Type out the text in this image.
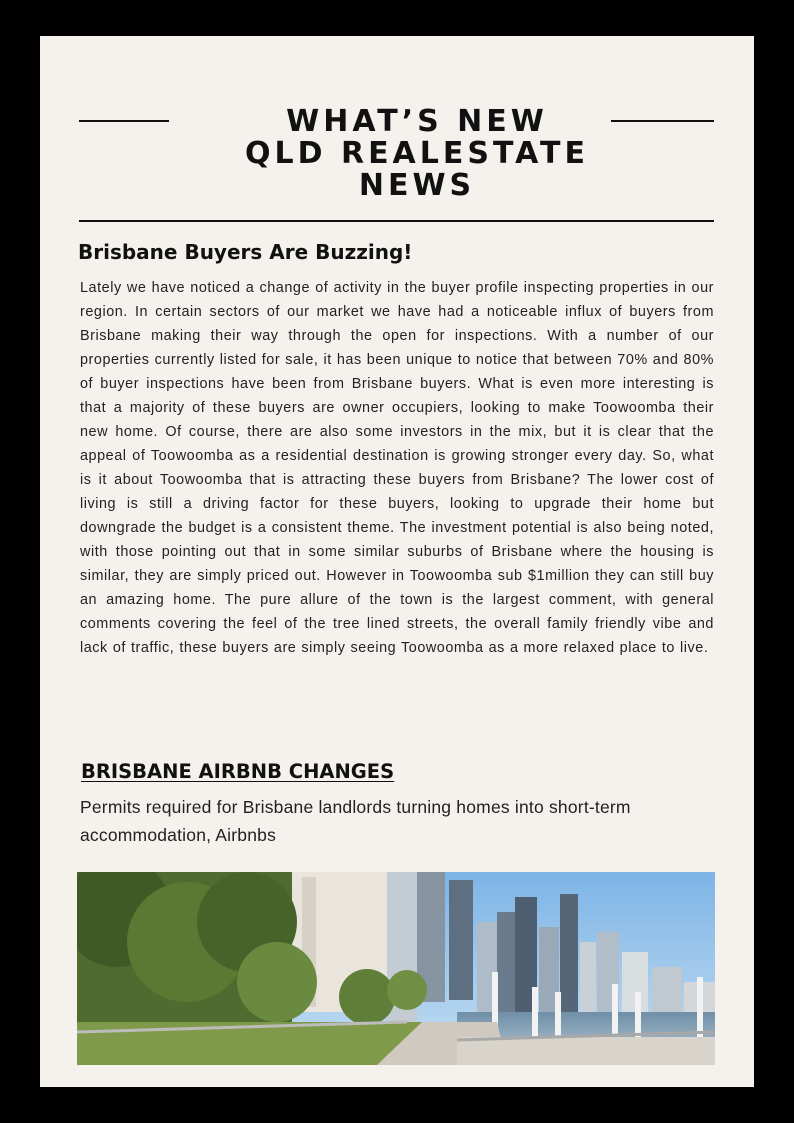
WHAT’S NEW
QLD REALESTATE
NEWS
Brisbane Buyers Are Buzzing!
Lately we have noticed a change of activity in the buyer profile inspecting properties in our region. In certain sectors of our market we have had a noticeable influx of buyers from Brisbane making their way through the open for inspections. With a number of our properties currently listed for sale, it has been unique to notice that between 70% and 80% of buyer inspections have been from Brisbane buyers. What is even more interesting is that a majority of these buyers are owner occupiers, looking to make Toowoomba their new home. Of course, there are also some investors in the mix, but it is clear that the appeal of Toowoomba as a residential destination is growing stronger every day. So, what is it about Toowoomba that is attracting these buyers from Brisbane? The lower cost of living is still a driving factor for these buyers, looking to upgrade their home but downgrade the budget is a consistent theme. The investment potential is also being noted, with those pointing out that in some similar suburbs of Brisbane where the housing is similar, they are simply priced out. However in Toowoomba sub $1million they can still buy an amazing home. The pure allure of the town is the largest comment, with general comments covering the feel of the tree lined streets, the overall family friendly vibe and lack of traffic, these buyers are simply seeing Toowoomba as a more relaxed place to live.
BRISBANE AIRBNB CHANGES
Permits required for Brisbane landlords turning homes into short-term accommodation, Airbnbs
